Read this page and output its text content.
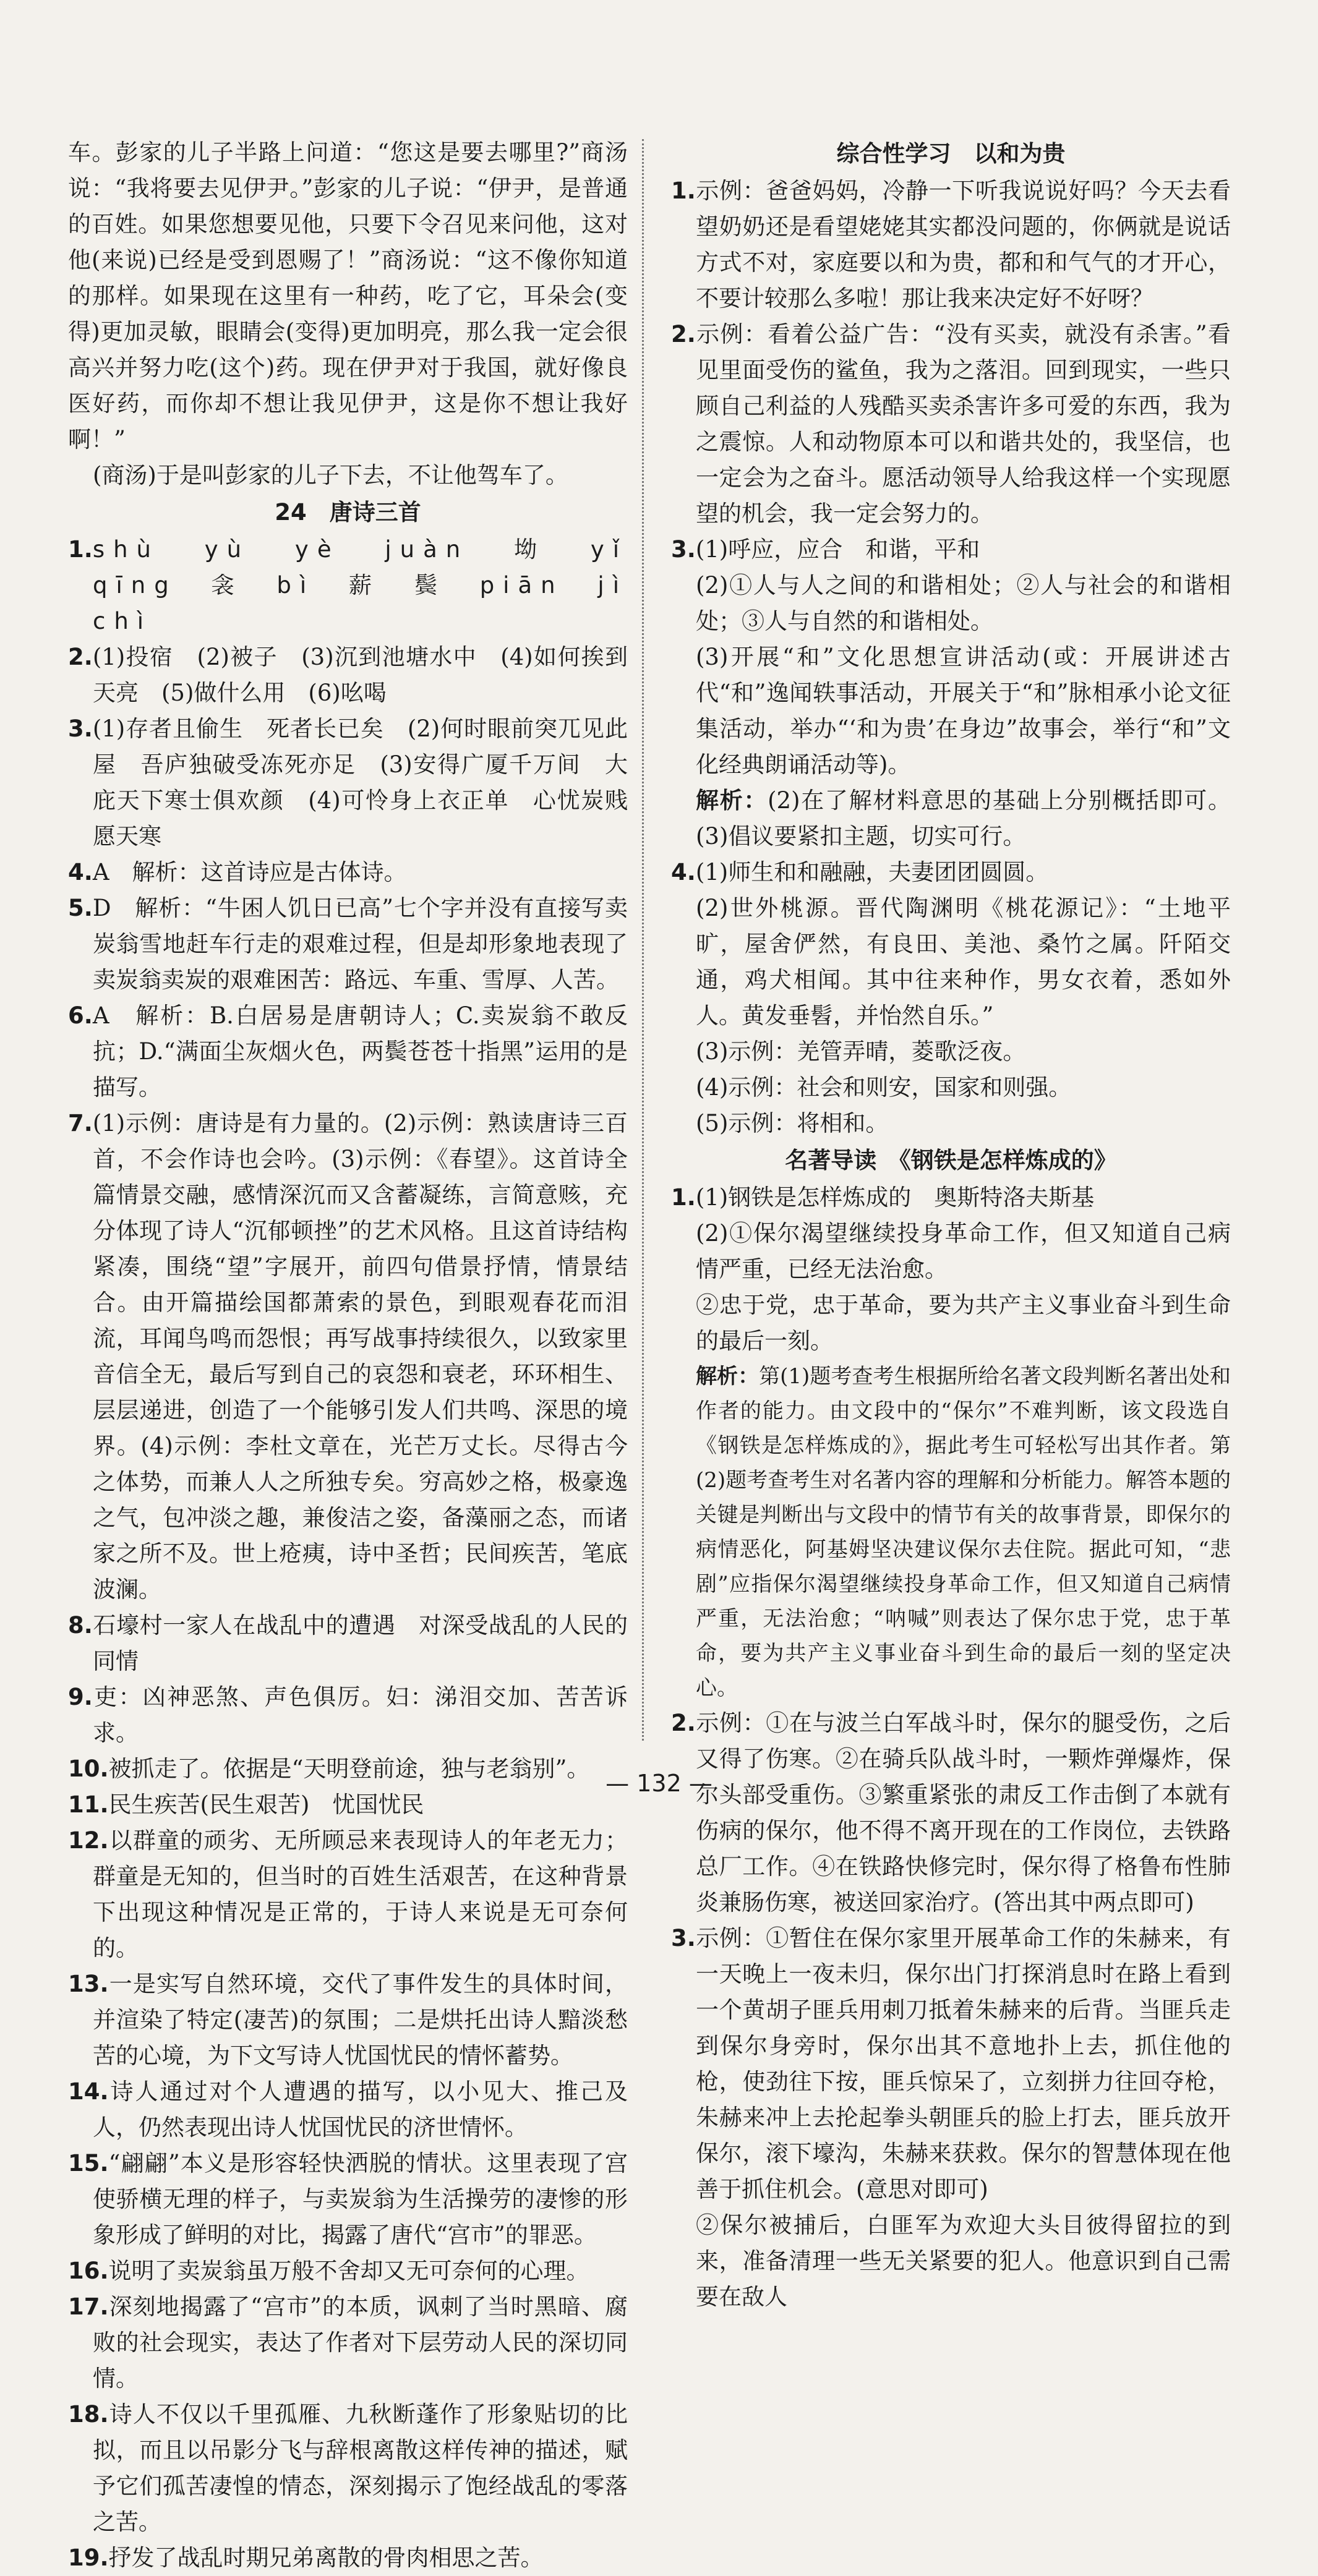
车。彭家的儿子半路上问道：“您这是要去哪里?”商汤说：“我将要去见伊尹。”彭家的儿子说：“伊尹，是普通的百姓。如果您想要见他，只要下令召见来问他，这对他(来说)已经是受到恩赐了！”商汤说：“这不像你知道的那样。如果现在这里有一种药，吃了它，耳朵会(变得)更加灵敏，眼睛会(变得)更加明亮，那么我一定会很高兴并努力吃(这个)药。现在伊尹对于我国，就好像良医好药，而你却不想让我见伊尹，这是你不想让我好啊！”

(商汤)于是叫彭家的儿子下去，不让他驾车了。

24　唐诗三首

1.shù　yù　yè　juàn　坳　yǐ　qīng　衾　bì　薪　鬓　piān　jì　chì

2.(1)投宿　(2)被子　(3)沉到池塘水中　(4)如何挨到天亮　(5)做什么用　(6)吆喝

3.(1)存者且偷生　死者长已矣　(2)何时眼前突兀见此屋　吾庐独破受冻死亦足　(3)安得广厦千万间　大庇天下寒士俱欢颜　(4)可怜身上衣正单　心忧炭贱愿天寒

4.A　解析：这首诗应是古体诗。

5.D　解析：“牛困人饥日已高”七个字并没有直接写卖炭翁雪地赶车行走的艰难过程，但是却形象地表现了卖炭翁卖炭的艰难困苦：路远、车重、雪厚、人苦。

6.A　解析：B.白居易是唐朝诗人；C.卖炭翁不敢反抗；D.“满面尘灰烟火色，两鬓苍苍十指黑”运用的是描写。

7.(1)示例：唐诗是有力量的。(2)示例：熟读唐诗三百首，不会作诗也会吟。(3)示例：《春望》。这首诗全篇情景交融，感情深沉而又含蓄凝练，言简意赅，充分体现了诗人“沉郁顿挫”的艺术风格。且这首诗结构紧凑，围绕“望”字展开，前四句借景抒情，情景结合。由开篇描绘国都萧索的景色，到眼观春花而泪流，耳闻鸟鸣而怨恨；再写战事持续很久，以致家里音信全无，最后写到自己的哀怨和衰老，环环相生、层层递进，创造了一个能够引发人们共鸣、深思的境界。(4)示例：李杜文章在，光芒万丈长。尽得古今之体势，而兼人人之所独专矣。穷高妙之格，极豪逸之气，包冲淡之趣，兼俊洁之姿，备藻丽之态，而诸家之所不及。世上疮痍，诗中圣哲；民间疾苦，笔底波澜。

8.石壕村一家人在战乱中的遭遇　对深受战乱的人民的同情

9.吏：凶神恶煞、声色俱厉。妇：涕泪交加、苦苦诉求。

10.被抓走了。依据是“天明登前途，独与老翁别”。

11.民生疾苦(民生艰苦)　忧国忧民

12.以群童的顽劣、无所顾忌来表现诗人的年老无力；群童是无知的，但当时的百姓生活艰苦，在这种背景下出现这种情况是正常的，于诗人来说是无可奈何的。

13.一是实写自然环境，交代了事件发生的具体时间，并渲染了特定(凄苦)的氛围；二是烘托出诗人黯淡愁苦的心境，为下文写诗人忧国忧民的情怀蓄势。

14.诗人通过对个人遭遇的描写，以小见大、推己及人，仍然表现出诗人忧国忧民的济世情怀。

15.“翩翩”本义是形容轻快洒脱的情状。这里表现了宫使骄横无理的样子，与卖炭翁为生活操劳的凄惨的形象形成了鲜明的对比，揭露了唐代“宫市”的罪恶。

16.说明了卖炭翁虽万般不舍却又无可奈何的心理。

17.深刻地揭露了“宫市”的本质，讽刺了当时黑暗、腐败的社会现实，表达了作者对下层劳动人民的深切同情。

18.诗人不仅以千里孤雁、九秋断蓬作了形象贴切的比拟，而且以吊影分飞与辞根离散这样传神的描述，赋予它们孤苦凄惶的情态，深刻揭示了饱经战乱的零落之苦。

19.抒发了战乱时期兄弟离散的骨肉相思之苦。

综合性学习　以和为贵

1.示例：爸爸妈妈，冷静一下听我说说好吗？今天去看望奶奶还是看望姥姥其实都没问题的，你俩就是说话方式不对，家庭要以和为贵，都和和气气的才开心，不要计较那么多啦！那让我来决定好不好呀？

2.示例：看着公益广告：“没有买卖，就没有杀害。”看见里面受伤的鲨鱼，我为之落泪。回到现实，一些只顾自己利益的人残酷买卖杀害许多可爱的东西，我为之震惊。人和动物原本可以和谐共处的，我坚信，也一定会为之奋斗。愿活动领导人给我这样一个实现愿望的机会，我一定会努力的。

3.(1)呼应，应合　和谐，平和

(2)①人与人之间的和谐相处；②人与社会的和谐相处；③人与自然的和谐相处。

(3)开展“和”文化思想宣讲活动(或：开展讲述古代“和”逸闻轶事活动，开展关于“和”脉相承小论文征集活动，举办“‘和为贵’在身边”故事会，举行“和”文化经典朗诵活动等)。

解析：(2)在了解材料意思的基础上分别概括即可。(3)倡议要紧扣主题，切实可行。

4.(1)师生和和融融，夫妻团团圆圆。

(2)世外桃源。晋代陶渊明《桃花源记》：“土地平旷，屋舍俨然，有良田、美池、桑竹之属。阡陌交通，鸡犬相闻。其中往来种作，男女衣着，悉如外人。黄发垂髫，并怡然自乐。”

(3)示例：羌管弄晴，菱歌泛夜。

(4)示例：社会和则安，国家和则强。

(5)示例：将相和。

名著导读　《钢铁是怎样炼成的》

1.(1)钢铁是怎样炼成的　奥斯特洛夫斯基

(2)①保尔渴望继续投身革命工作，但又知道自己病情严重，已经无法治愈。

②忠于党，忠于革命，要为共产主义事业奋斗到生命的最后一刻。

解析：第(1)题考查考生根据所给名著文段判断名著出处和作者的能力。由文段中的“保尔”不难判断，该文段选自《钢铁是怎样炼成的》，据此考生可轻松写出其作者。第(2)题考查考生对名著内容的理解和分析能力。解答本题的关键是判断出与文段中的情节有关的故事背景，即保尔的病情恶化，阿基姆坚决建议保尔去住院。据此可知，“悲剧”应指保尔渴望继续投身革命工作，但又知道自己病情严重，无法治愈；“呐喊”则表达了保尔忠于党，忠于革命，要为共产主义事业奋斗到生命的最后一刻的坚定决心。

2.示例：①在与波兰白军战斗时，保尔的腿受伤，之后又得了伤寒。②在骑兵队战斗时，一颗炸弹爆炸，保尔头部受重伤。③繁重紧张的肃反工作击倒了本就有伤病的保尔，他不得不离开现在的工作岗位，去铁路总厂工作。④在铁路快修完时，保尔得了格鲁布性肺炎兼肠伤寒，被送回家治疗。(答出其中两点即可)

3.示例：①暂住在保尔家里开展革命工作的朱赫来，有一天晚上一夜未归，保尔出门打探消息时在路上看到一个黄胡子匪兵用刺刀抵着朱赫来的后背。当匪兵走到保尔身旁时，保尔出其不意地扑上去，抓住他的枪，使劲往下按，匪兵惊呆了，立刻拼力往回夺枪，朱赫来冲上去抡起拳头朝匪兵的脸上打去，匪兵放开保尔，滚下壕沟，朱赫来获救。保尔的智慧体现在他善于抓住机会。(意思对即可)

②保尔被捕后，白匪军为欢迎大头目彼得留拉的到来，准备清理一些无关紧要的犯人。他意识到自己需要在敌人

— 132 —
